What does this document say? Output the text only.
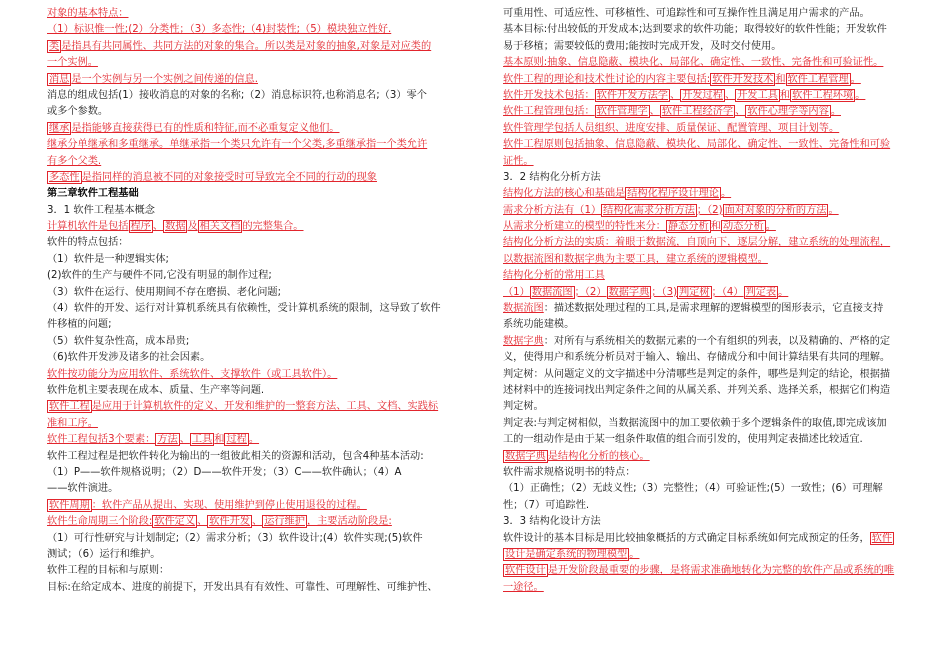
对象的基本特点：
（1）标识惟一性;(2）分类性；（3）多态性;（4)封装性;（5）模块独立性好.
类 是指具有共同属性、共同方法的对象的集合。所以类是对象的抽象,对象是对应类的
一个实例。
消息 是一个实例与另一个实例之间传递的信息.
消息的组成包括(1）接收消息的对象的名称;（2）消息标识符,也称消息名;（3）零个
或多个参数。
继承 是指能够直接获得已有的性质和特征,而不必重复定义他们。
继承分单继承和多重继承。单继承指一个类只允许有一个父类,多重继承指一个类允许
有多个父类.
多态性 是指同样的消息被不同的对象接受时可导致完全不同的行动的现象
第三章软件工程基础
3．1 软件工程基本概念
计算机软件是包括 程序 、 数据 及 相关文档 的完整集合。
软件的特点包括：
（1）软件是一种逻辑实体;
(2)软件的生产与硬件不同,它没有明显的制作过程;
（3）软件在运行、使用期间不存在磨损、老化问题;
（4）软件的开发、运行对计算机系统具有依赖性，受计算机系统的限制，这导致了软件
件移植的问题;
（5）软件复杂性高，成本昂贵;
（6)软件开发涉及诸多的社会因素。
软件按功能分为应用软件、系统软件、支撑软件（或工具软件）。
软件危机主要表现在成本、质量、生产率等问题.
软件工程 是应用于计算机软件的定义、开发和维护的一整套方法、工具、文档、实践标
准和工序。
软件工程包括3个要素： 方法 、 工具 和 过程 。
软件工程过程是把软件转化为输出的一组彼此相关的资源和活动，包含4种基本活动:
（1）P——软件规格说明；（2）D——软件开发；（3）C——软件确认；（4）A
——软件演进。
软件周期 ：软件产品从提出、实现、使用维护到停止使用退役的过程。
软件生命周期三个阶段: 软件定义 、 软件开发 、 运行维护 ，主要活动阶段是:
（1）可行性研究与计划制定;（2）需求分析；（3）软件设计;(4）软件实现;(5)软件
测试；（6）运行和维护。
软件工程的目标和与原则：
目标:在给定成本、进度的前提下，开发出具有有效性、可靠性、可理解性、可维护性、
可重用性、可适应性、可移植性、可追踪性和可互操作性且满足用户需求的产品。
基本目标:付出较低的开发成本;达到要求的软件功能；取得较好的软件性能；开发软件
易于移植；需要较低的费用;能按时完成开发，及时交付使用。
基本原则:抽象、信息隐蔽、模块化、局部化、确定性、一致性、完备性和可验证性。
软件工程的理论和技术性讨论的内容主要包括: 软件开发技术 和 软件工程管理 。
软件开发技术包括： 软件开发方法学 、 开发过程 、 开发工具 和 软件工程环境 。
软件工程管理包括： 软件管理学 、 软件工程经济学 、 软件心理学等内容 。
软件管理学包括人员组织、进度安排、质量保证、配置管理、项目计划等。
软件工程原则包括抽象、信息隐蔽、模块化、局部化、确定性、一致性、完备性和可验
证性。
3．2 结构化分析方法
结构化方法的核心和基础是 结构化程序设计理论 。
需求分析方法有（1） 结构化需求分析方法 ；（2) 面对对象的分析的方法 。
从需求分析建立的模型的特性来分： 静态分析 和 动态分析 。
结构化分析方法的实质：着眼于数据流，自顶向下，逐层分解，建立系统的处理流程，
以数据流图和数据字典为主要工具，建立系统的逻辑模型。
结构化分析的常用工具
（1） 数据流图 ；（2） 数据字典 ；（3) 判定树 ；（4） 判定表 。
数据流图：描述数据处理过程的工具,是需求理解的逻辑模型的图形表示，它直接支持
系统功能建模。
数据字典：对所有与系统相关的数据元素的一个有组织的列表，以及精确的、严格的定
义，使得用户和系统分析员对于输入、输出、存储成分和中间计算结果有共同的理解。
判定树：从问题定义的文字描述中分清哪些是判定的条件，哪些是判定的结论，根据描
述材料中的连接词找出判定条件之间的从属关系、并列关系、选择关系，根据它们构造
判定树。
判定表:与判定树相似，当数据流图中的加工要依赖于多个逻辑条件的取值,即完成该加
工的一组动作是由于某一组条件取值的组合而引发的，使用判定表描述比较适宜.
数据字典 是结构化分析的核心。
软件需求规格说明书的特点：
（1）正确性；（2）无歧义性;（3）完整性；（4）可验证性;(5）一致性；(6）可理解
性；（7）可追踪性.
3．3 结构化设计方法
软件设计的基本目标是用比较抽象概括的方式确定目标系统如何完成预定的任务， 软件
设计是确定系统的物理模型 。
软件设计 是开发阶段最重要的步骤，是将需求准确地转化为完整的软件产品或系统的唯
一途径。
